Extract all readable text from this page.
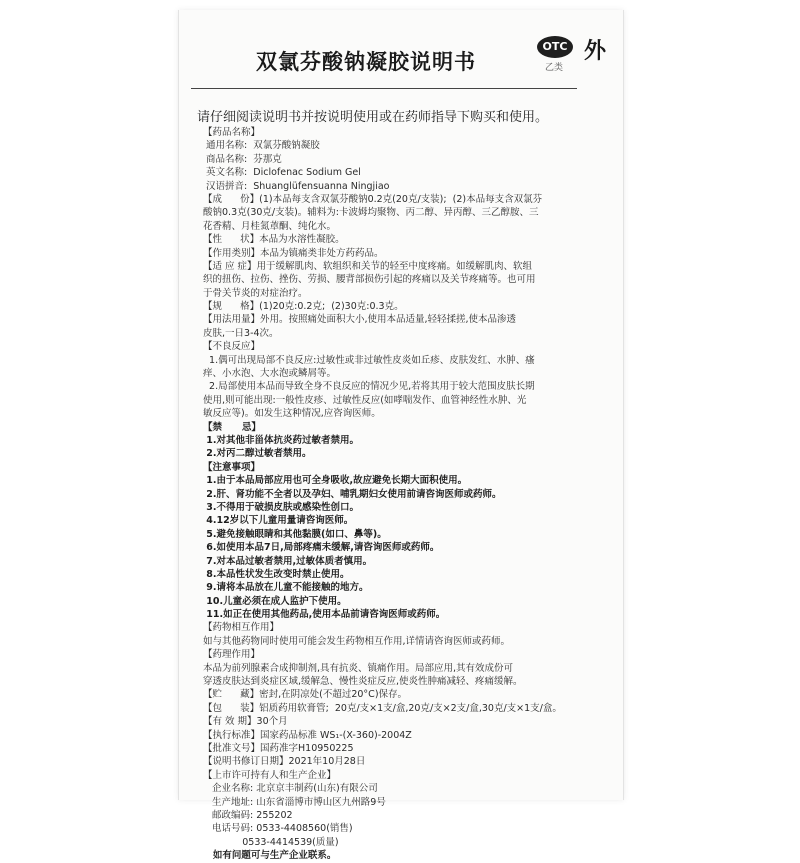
双氯芬酸钠凝胶说明书
OTC
乙类
外
请仔细阅读说明书并按说明使用或在药师指导下购买和使用。
【药品名称】
通用名称:  双氯芬酸钠凝胶
商品名称:  芬那克
英文名称:  Diclofenac Sodium Gel
汉语拼音:  Shuanglüfensuanna Ningjiao
【成      份】(1)本品每支含双氯芬酸钠0.2克(20克/支装);  (2)本品每支含双氯芬
酸钠0.3克(30克/支装)。辅料为:卡波姆均聚物、丙二醇、异丙醇、三乙醇胺、三
花香精、月桂氮䓬酮、纯化水。
【性      状】本品为水溶性凝胶。
【作用类别】本品为镇痛类非处方药药品。
【适 应 症】用于缓解肌肉、软组织和关节的轻至中度疼痛。如缓解肌肉、软组
织的扭伤、拉伤、挫伤、劳损、腰背部损伤引起的疼痛以及关节疼痛等。也可用
于骨关节炎的对症治疗。
【规      格】(1)20克:0.2克;  (2)30克:0.3克。
【用法用量】外用。按照痛处面积大小,使用本品适量,轻轻揉搓,使本品渗透
皮肤,一日3-4次。
【不良反应】
1.偶可出现局部不良反应:过敏性或非过敏性皮炎如丘疹、皮肤发红、水肿、瘙
痒、小水泡、大水泡或鳞屑等。
2.局部使用本品而导致全身不良反应的情况少见,若将其用于较大范围皮肤长期
使用,则可能出现:一般性皮疹、过敏性反应(如哮喘发作、血管神经性水肿、光
敏反应等)。如发生这种情况,应咨询医师。
【禁      忌】
1.对其他非甾体抗炎药过敏者禁用。
2.对丙二醇过敏者禁用。
【注意事项】
1.由于本品局部应用也可全身吸收,故应避免长期大面积使用。
2.肝、肾功能不全者以及孕妇、哺乳期妇女使用前请咨询医师或药师。
3.不得用于破损皮肤或感染性创口。
4.12岁以下儿童用量请咨询医师。
5.避免接触眼睛和其他黏膜(如口、鼻等)。
6.如使用本品7日,局部疼痛未缓解,请咨询医师或药师。
7.对本品过敏者禁用,过敏体质者慎用。
8.本品性状发生改变时禁止使用。
9.请将本品放在儿童不能接触的地方。
10.儿童必须在成人监护下使用。
11.如正在使用其他药品,使用本品前请咨询医师或药师。
【药物相互作用】
如与其他药物同时使用可能会发生药物相互作用,详情请咨询医师或药师。
【药理作用】
本品为前列腺素合成抑制剂,具有抗炎、镇痛作用。局部应用,其有效成份可
穿透皮肤达到炎症区域,缓解急、慢性炎症反应,使炎性肿痛减轻、疼痛缓解。
【贮      藏】密封,在阴凉处(不超过20°C)保存。
【包      装】铝质药用软膏管;  20克/支×1支/盒,20克/支×2支/盒,30克/支×1支/盒。
【有 效 期】30个月
【执行标准】国家药品标准 WS₁-(X-360)-2004Z
【批准文号】国药准字H10950225
【说明书修订日期】2021年10月28日
【上市许可持有人和生产企业】
企业名称: 北京京丰制药(山东)有限公司
生产地址: 山东省淄博市博山区九州路9号
邮政编码: 255202
电话号码: 0533-4408560(销售)
0533-4414539(质量)
如有问题可与生产企业联系。
